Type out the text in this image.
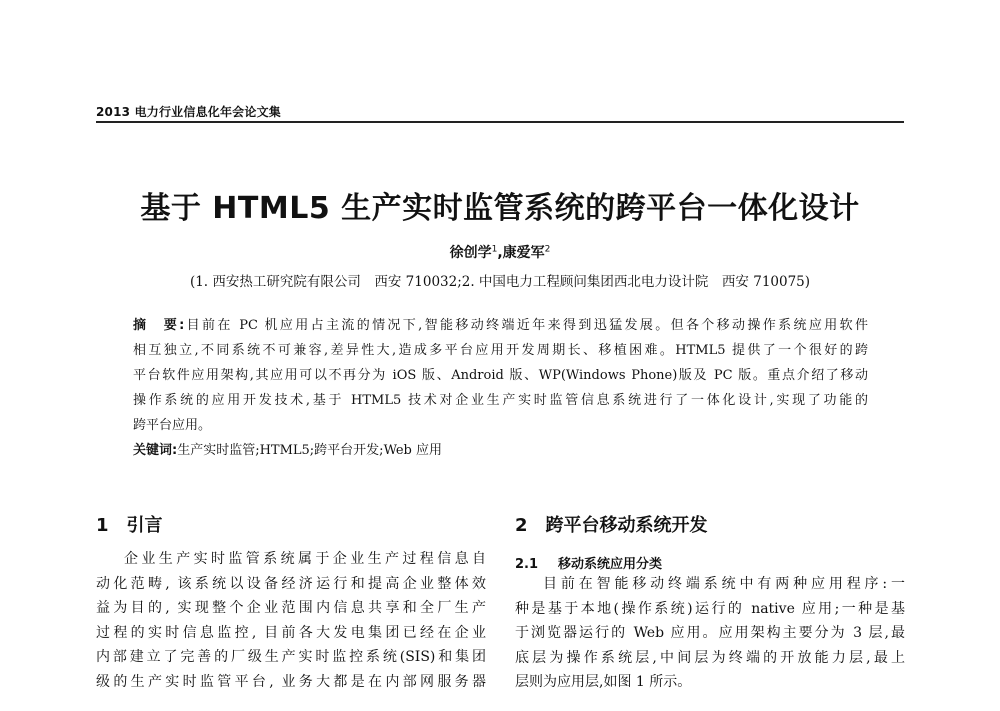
2013 电力行业信息化年会论文集
基于 HTML5 生产实时监管系统的跨平台一体化设计
徐创学$^1$,康爱军$^2$
(1. 西安热工研究院有限公司　西安 710032;2. 中国电力工程顾问集团西北电力设计院　西安 710075)
摘　要:目前在 PC 机应用占主流的情况下,智能移动终端近年来得到迅猛发展。但各个移动操作系统应用软件
相互独立,不同系统不可兼容,差异性大,造成多平台应用开发周期长、移植困难。HTML5 提供了一个很好的跨
平台软件应用架构,其应用可以不再分为 iOS 版、Android 版、WP(Windows Phone)版及 PC 版。重点介绍了移动
操作系统的应用开发技术,基于 HTML5 技术对企业生产实时监管信息系统进行了一体化设计,实现了功能的
跨平台应用。
关键词:生产实时监管;HTML5;跨平台开发;Web 应用
1 引言
企业生产实时监管系统属于企业生产过程信息自
动化范畴, 该系统以设备经济运行和提高企业整体效
益为目的, 实现整个企业范围内信息共享和全厂生产
过程的实时信息监控, 目前各大发电集团已经在企业
内部建立了完善的厂级生产实时监控系统(SIS)和集团
级的生产实时监管平台, 业务大都是在内部网服务器
2 跨平台移动系统开发
2.1 移动系统应用分类
目前在智能移动终端系统中有两种应用程序:一
种是基于本地(操作系统)运行的 native 应用;一种是基
于浏览器运行的 Web 应用。应用架构主要分为 3 层,最
底层为操作系统层,中间层为终端的开放能力层,最上
层则为应用层,如图 1 所示。
